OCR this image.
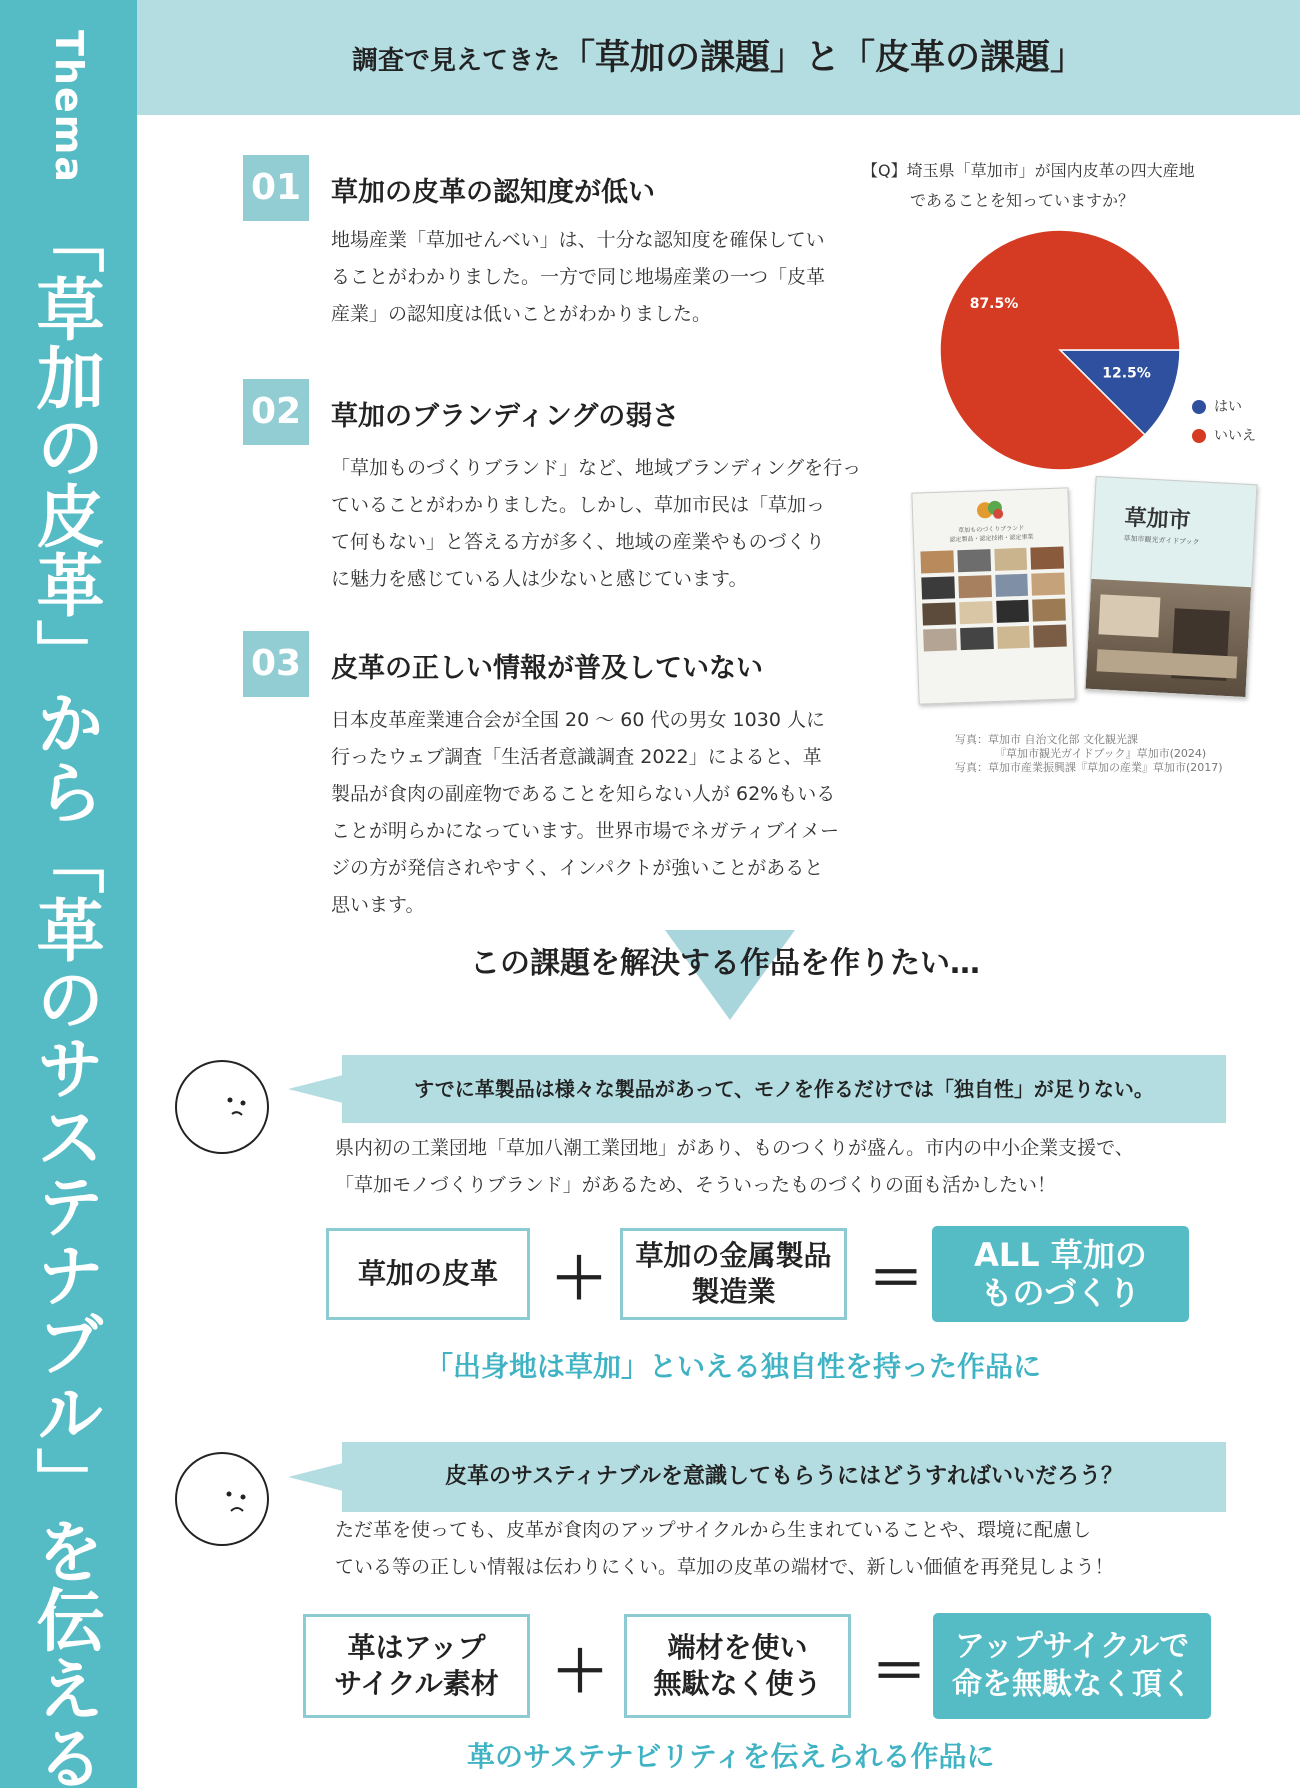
Thema
「草加の皮革」から「革のサステナブル」を伝える
調査で見えてきた「草加の課題」と「皮革の課題」
01 草加の皮革の認知度が低い
地場産業「草加せんべい」は、十分な認知度を確保してい
ることがわかりました。一方で同じ地場産業の一つ「皮革
産業」の認知度は低いことがわかりました。
02 草加のブランディングの弱さ
「草加ものづくりブランド」など、地域ブランディングを行っ
ていることがわかりました。しかし、草加市民は「草加っ
て何もない」と答える方が多く、地域の産業やものづくり
に魅力を感じている人は少ないと感じています。
03 皮革の正しい情報が普及していない
日本皮革産業連合会が全国 20 〜 60 代の男女 1030 人に
行ったウェブ調査「生活者意識調査 2022」によると、革
製品が食肉の副産物であることを知らない人が 62%もいる
ことが明らかになっています。世界市場でネガティブイメー
ジの方が発信されやすく、インパクトが強いことがあると
思います。
【Q】埼玉県「草加市」が国内皮革の四大産地
であることを知っていますか？
12.5%
87.5%
はい
いいえ
草加ものづくりブランド
認定製品・認定技術・認定事業
草加市
草加市観光ガイドブック
写真：草加市 自治文化部 文化観光課
『草加市観光ガイドブック』草加市(2024)
写真：草加市産業振興課『草加の産業』草加市(2017)
この課題を解決する作品を作りたい…
すでに革製品は様々な製品があって、モノを作るだけでは「独自性」が足りない。
県内初の工業団地「草加八潮工業団地」があり、ものつくりが盛ん。市内の中小企業支援で、
「草加モノづくりブランド」があるため、そういったものづくりの面も活かしたい！
草加の皮革 ＋ 草加の金属製品
製造業	＝ ALL 草加の
ものづくり
「出身地は草加」といえる独自性を持った作品に
皮革のサスティナブルを意識してもらうにはどうすればいいだろう？
ただ革を使っても、皮革が食肉のアップサイクルから生まれていることや、環境に配慮し
ている等の正しい情報は伝わりにくい。草加の皮革の端材で、新しい価値を再発見しよう！
革はアップ
サイクル素材 ＋	端材を使い
無駄なく使う ＝ アップサイクルで
命を無駄なく頂く
革のサステナビリティを伝えられる作品に
